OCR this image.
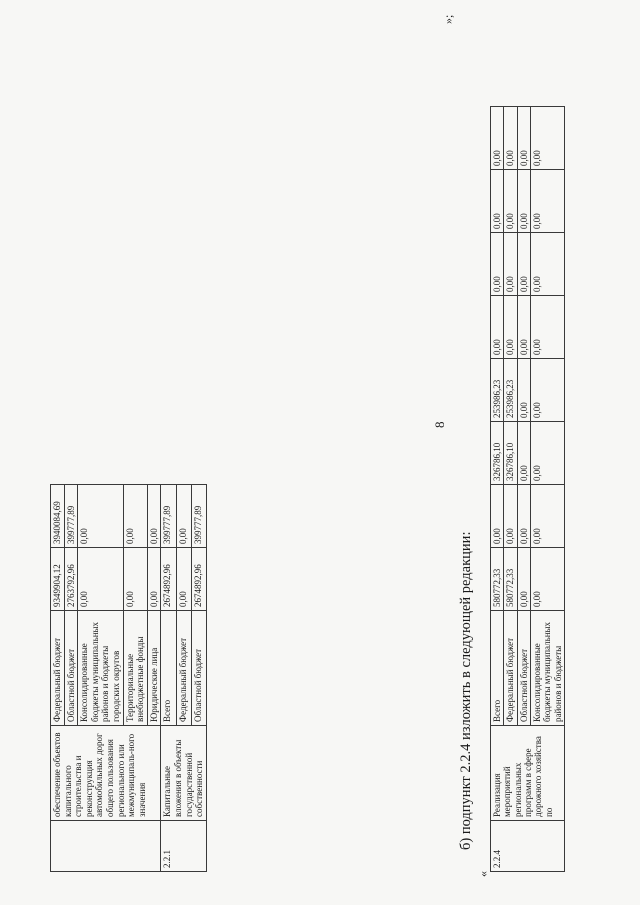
8
	обеспечение объектов капитального строительства и реконструкция автомобильных дорог общего пользования регионального или межмуниципаль-ного значения	Федеральный бюджет	9349904,12	3940084,69
		Областной бюджет	2763792,96	399777,89
		Консолидированные бюджеты муниципальных районов и бюджеты городских округов	0,00	0,00
		Территориальные внебюджетные фонды	0,00	0,00
		Юридические лица	0,00	0,00
2.2.1	Капитальные вложения в объекты государственной собственности	Всего	2674892,96	399777,89
		Федеральный бюджет	0,00	0,00
		Областной бюджет	2674892,96	399777,89
»;
б) подпункт 2.2.4 изложить в следующей редакции:
«
2.2.4	Реализация мероприятий региональных программ в сфере дорожного хозяйства по	Всего	580772,33	0,00	326786,10	253986,23	0,00	0,00	0,00	0,00
		Федеральный бюджет	580772,33	0,00	326786,10	253986,23	0,00	0,00	0,00	0,00
		Областной бюджет	0,00	0,00	0,00	0,00	0,00	0,00	0,00	0,00
		Консолидированные бюджеты муниципальных районов и бюджеты	0,00	0,00	0,00	0,00	0,00	0,00	0,00	0,00
